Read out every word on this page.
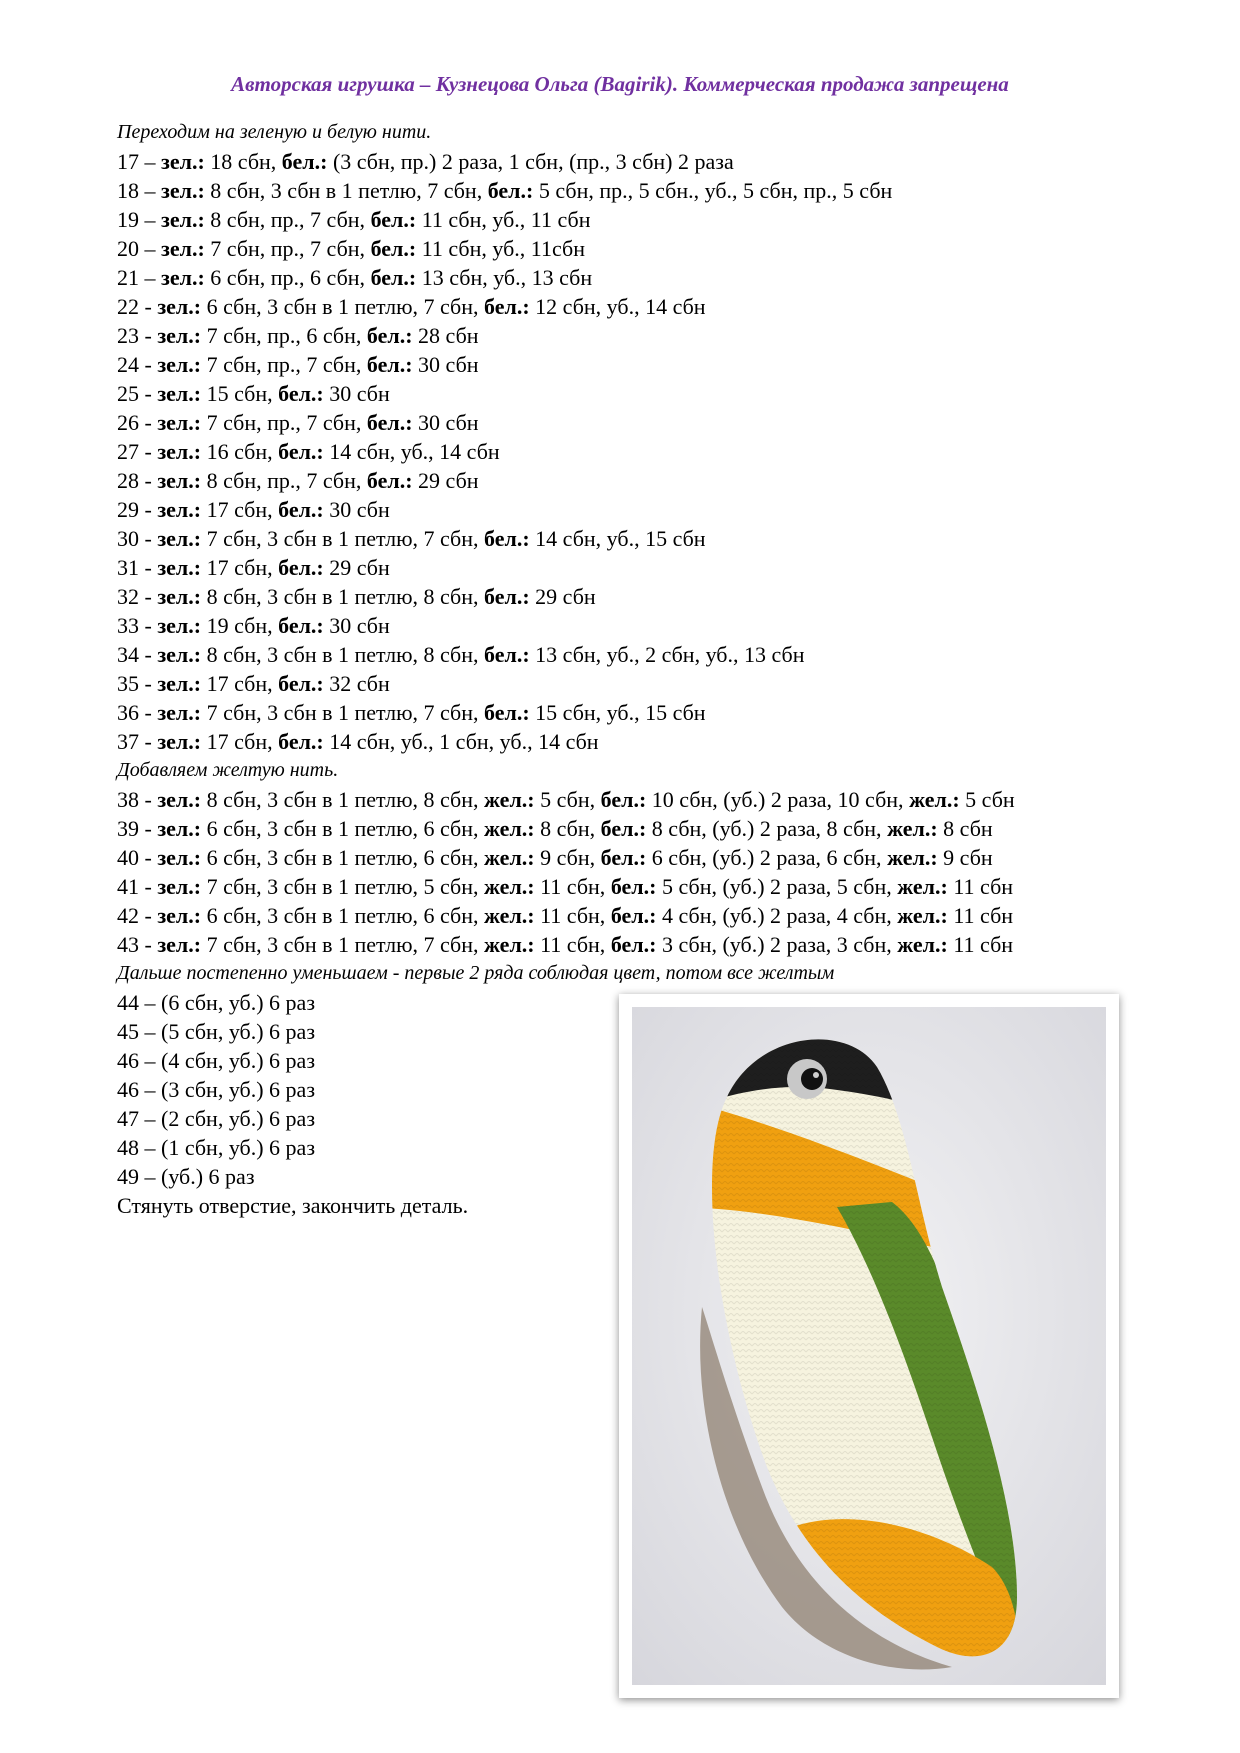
Авторская игрушка – Кузнецова Ольга (Bagirik). Коммерческая продажа запрещена
Переходим на зеленую и белую нити.
17 – зел.: 18 сбн, бел.: (3 сбн, пр.) 2 раза, 1 сбн, (пр., 3 сбн) 2 раза
18 – зел.: 8 сбн, 3 сбн в 1 петлю, 7 сбн, бел.: 5 сбн, пр., 5 сбн., уб., 5 сбн, пр., 5 сбн
19 – зел.: 8 сбн, пр., 7 сбн, бел.: 11 сбн, уб., 11 сбн
20 – зел.: 7 сбн, пр., 7 сбн, бел.: 11 сбн, уб., 11сбн
21 – зел.: 6 сбн, пр., 6 сбн, бел.: 13 сбн, уб., 13 сбн
22 - зел.: 6 сбн, 3 сбн в 1 петлю, 7 сбн, бел.: 12 сбн, уб., 14 сбн
23 - зел.: 7 сбн, пр., 6 сбн, бел.: 28 сбн
24 - зел.: 7 сбн, пр., 7 сбн, бел.: 30 сбн
25 - зел.: 15 сбн, бел.: 30 сбн
26 - зел.: 7 сбн, пр., 7 сбн, бел.: 30 сбн
27 - зел.: 16 сбн, бел.: 14 сбн, уб., 14 сбн
28 - зел.: 8 сбн, пр., 7 сбн, бел.: 29 сбн
29 - зел.: 17 сбн, бел.: 30 сбн
30 - зел.: 7 сбн, 3 сбн в 1 петлю, 7 сбн, бел.: 14 сбн, уб., 15 сбн
31 - зел.: 17 сбн, бел.: 29 сбн
32 - зел.: 8 сбн, 3 сбн в 1 петлю, 8 сбн, бел.: 29 сбн
33 - зел.: 19 сбн, бел.: 30 сбн
34 - зел.: 8 сбн, 3 сбн в 1 петлю, 8 сбн, бел.: 13 сбн, уб., 2 сбн, уб., 13 сбн
35 - зел.: 17 сбн, бел.: 32 сбн
36 - зел.: 7 сбн, 3 сбн в 1 петлю, 7 сбн, бел.: 15 сбн, уб., 15 сбн
37 - зел.: 17 сбн, бел.: 14 сбн, уб., 1 сбн, уб., 14 сбн
Добавляем желтую нить.
38 - зел.: 8 сбн, 3 сбн в 1 петлю, 8 сбн, жел.: 5 сбн, бел.: 10 сбн, (уб.) 2 раза, 10 сбн, жел.: 5 сбн
39 - зел.: 6 сбн, 3 сбн в 1 петлю, 6 сбн, жел.: 8 сбн, бел.: 8 сбн, (уб.) 2 раза, 8 сбн, жел.: 8 сбн
40 - зел.: 6 сбн, 3 сбн в 1 петлю, 6 сбн, жел.: 9 сбн, бел.: 6 сбн, (уб.) 2 раза, 6 сбн, жел.: 9 сбн
41 - зел.: 7 сбн, 3 сбн в 1 петлю, 5 сбн, жел.: 11 сбн, бел.: 5 сбн, (уб.) 2 раза, 5 сбн, жел.: 11 сбн
42 - зел.: 6 сбн, 3 сбн в 1 петлю, 6 сбн, жел.: 11 сбн, бел.: 4 сбн, (уб.) 2 раза, 4 сбн, жел.: 11 сбн
43 - зел.: 7 сбн, 3 сбн в 1 петлю, 7 сбн, жел.: 11 сбн, бел.: 3 сбн, (уб.) 2 раза, 3 сбн, жел.: 11 сбн
Дальше постепенно уменьшаем - первые 2 ряда соблюдая цвет, потом все желтым
44 – (6 сбн, уб.) 6 раз
45 – (5 сбн, уб.) 6 раз
46 – (4 сбн, уб.) 6 раз
46 – (3 сбн, уб.) 6 раз
47 – (2 сбн, уб.) 6 раз
48 – (1 сбн, уб.) 6 раз
49 – (уб.) 6 раз
Стянуть отверстие, закончить деталь.
